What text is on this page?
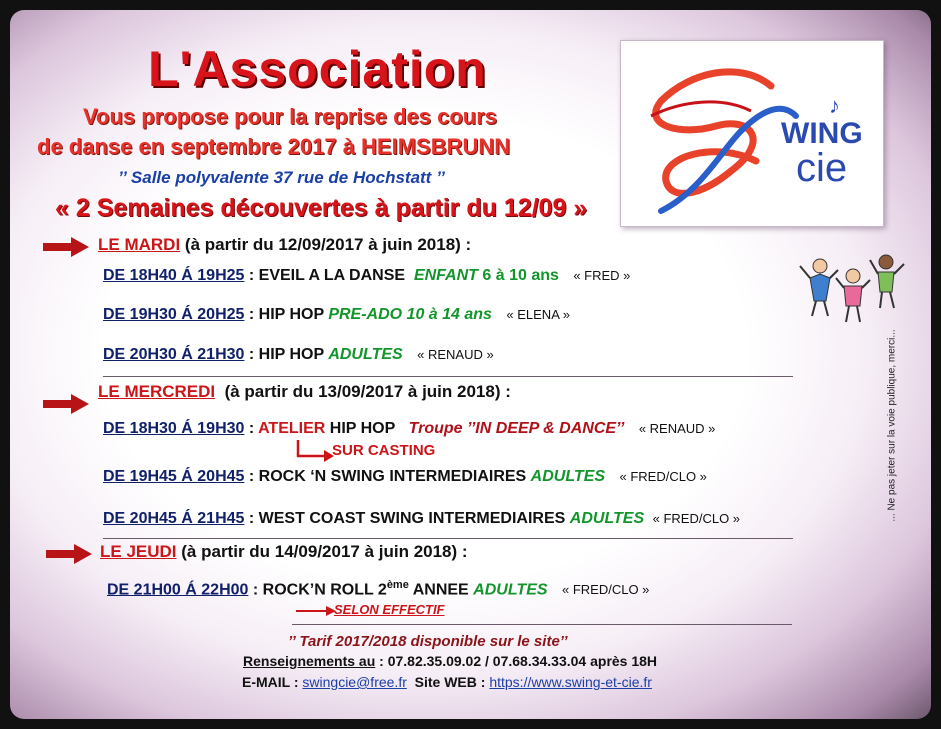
L'Association
Vous propose pour la reprise des cours
de danse en septembre 2017 à HEIMSBRUNN
’’ Salle polyvalente 37 rue de Hochstatt ’’
« 2 Semaines découvertes à partir du 12/09 »
WING
cie
♪
LE MARDI (à partir du 12/09/2017 à juin 2018) :
DE 18H40 Á 19H25 : EVEIL A LA DANSE ENFANT 6 à 10 ans « FRED »
DE 19H30 Á 20H25 : HIP HOP PRE-ADO 10 à 14 ans « ELENA »
DE 20H30 Á 21H30 : HIP HOP ADULTES « RENAUD »
LE MERCREDI (à partir du 13/09/2017 à juin 2018) :
DE 18H30 Á 19H30 : ATELIER HIP HOP Troupe ’’IN DEEP & DANCE’’ « RENAUD »
SUR CASTING
DE 19H45 Á 20H45 : ROCK ‘N SWING INTERMEDIAIRES ADULTES « FRED/CLO »
DE 20H45 Á 21H45 : WEST COAST SWING INTERMEDIAIRES ADULTES « FRED/CLO »
LE JEUDI (à partir du 14/09/2017 à juin 2018) :
DE 21H00 Á 22H00 : ROCK’N ROLL 2ème ANNEE ADULTES « FRED/CLO »
SELON EFFECTIF
... Ne pas jeter sur la voie publique, merci...
’’ Tarif 2017/2018 disponible sur le site’’
Renseignements au : 07.82.35.09.02 / 07.68.34.33.04 après 18H
E-MAIL : swingcie@free.fr Site WEB : https://www.swing-et-cie.fr
